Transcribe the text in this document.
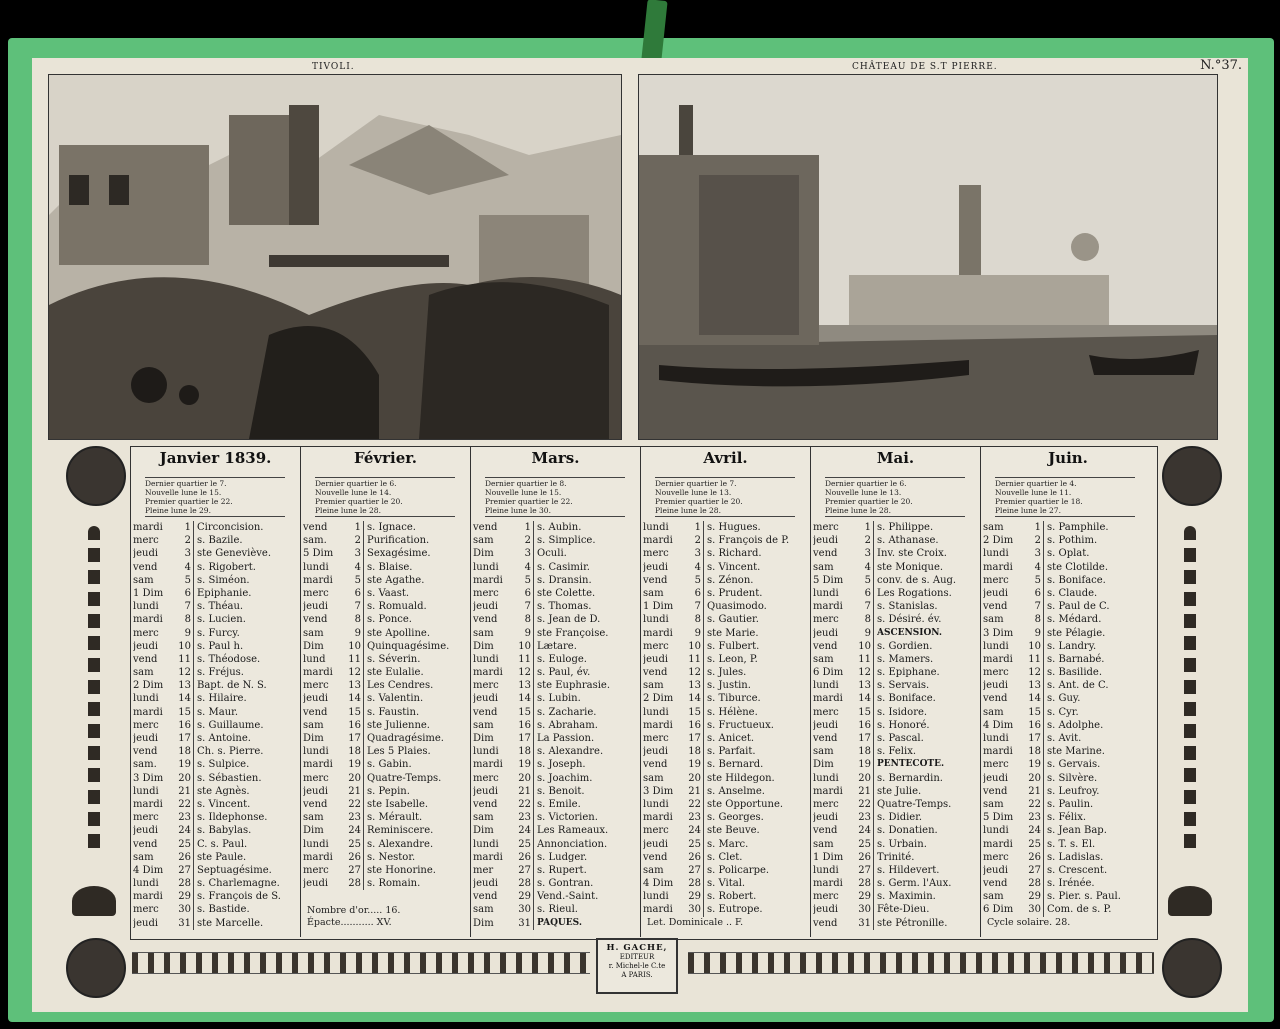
TIVOLI.	CHÂTEAU DE S.T PIERRE.	N.°37.
Janvier 1839.
Dernier quartier le 7.
Nouvelle lune le 15.
Premier quartier le 22.
Pleine lune le 29.
mardi	1 Circoncision.
merc	2 s. Bazile.
jeudi	3 ste Geneviève.
vend	4 s. Rigobert.
sam	5 s. Siméon.
1 Dim	6 Epiphanie.
lundi	7 s. Théau.
mardi	8 s. Lucien.
merc	9 s. Furcy.
jeudi	10 s. Paul h.
vend	11 s. Théodose.
sam	12 s. Fréjus.
2 Dim	13 Bapt. de N. S.
lundi	14 s. Hilaire.
mardi	15 s. Maur.
merc	16 s. Guillaume.
jeudi	17 s. Antoine.
vend	18 Ch. s. Pierre.
sam.	19 s. Sulpice.
3 Dim	20 s. Sébastien.
lundi	21 ste Agnès.
mardi	22 s. Vincent.
merc	23 s. Ildephonse.
jeudi	24 s. Babylas.
vend	25 C. s. Paul.
sam	26 ste Paule.
4 Dim	27 Septuagésime.
lundi	28 s. Charlemagne.
mardi	29 s. François de S.
merc	30 s. Bastide.
jeudi	31 ste Marcelle.
Février.
Dernier quartier le 6.
Nouvelle lune le 14.
Premier quartier le 20.
Pleine lune le 28.
vend	1 s. Ignace.
sam.	2 Purification.
5 Dim	3 Sexagésime.
lundi	4 s. Blaise.
mardi	5 ste Agathe.
merc	6 s. Vaast.
jeudi	7 s. Romuald.
vend	8 s. Ponce.
sam	9 ste Apolline.
Dim	10 Quinquagésime.
lund	11 s. Séverin.
mardi	12 ste Eulalie.
merc	13 Les Cendres.
jeudi	14 s. Valentin.
vend	15 s. Faustin.
sam	16 ste Julienne.
Dim	17 Quadragésime.
lundi	18 Les 5 Plaies.
mardi	19 s. Gabin.
merc	20 Quatre-Temps.
jeudi	21 s. Pepin.
vend	22 ste Isabelle.
sam	23 s. Mérault.
Dim	24 Reminiscere.
lundi	25 s. Alexandre.
mardi	26 s. Nestor.
merc	27 ste Honorine.
jeudi	28 s. Romain.
Nombre d'or..... 16.
Épacte........... XV.
Mars.
Dernier quartier le 8.
Nouvelle lune le 15.
Premier quartier le 22.
Pleine lune le 30.
vend	1 s. Aubin.
sam	2 s. Simplice.
Dim	3 Oculi.
lundi	4 s. Casimir.
mardi	5 s. Dransin.
merc	6 ste Colette.
jeudi	7 s. Thomas.
vend	8 s. Jean de D.
sam	9 ste Françoise.
Dim	10 Lætare.
lundi	11 s. Euloge.
mardi	12 s. Paul, év.
merc	13 ste Euphrasie.
jeudi	14 s. Lubin.
vend	15 s. Zacharie.
sam	16 s. Abraham.
Dim	17 La Passion.
lundi	18 s. Alexandre.
mardi	19 s. Joseph.
merc	20 s. Joachim.
jeudi	21 s. Benoit.
vend	22 s. Emile.
sam	23 s. Victorien.
Dim	24 Les Rameaux.
lundi	25 Annonciation.
mardi	26 s. Ludger.
mer	27 s. Rupert.
jeudi	28 s. Gontran.
vend	29 Vend.-Saint.
sam	30 s. Rieul.
Dim	31 PAQUES.
Avril.
Dernier quartier le 7.
Nouvelle lune le 13.
Premier quartier le 20.
Pleine lune le 28.
lundi	1 s. Hugues.
mardi	2 s. François de P.
merc	3 s. Richard.
jeudi	4 s. Vincent.
vend	5 s. Zénon.
sam	6 s. Prudent.
1 Dim	7 Quasimodo.
lundi	8 s. Gautier.
mardi	9 ste Marie.
merc	10 s. Fulbert.
jeudi	11 s. Leon, P.
vend	12 s. Jules.
sam	13 s. Justin.
2 Dim	14 s. Tiburce.
lundi	15 s. Hélène.
mardi	16 s. Fructueux.
merc	17 s. Anicet.
jeudi	18 s. Parfait.
vend	19 s. Bernard.
sam	20 ste Hildegon.
3 Dim	21 s. Anselme.
lundi	22 ste Opportune.
mardi	23 s. Georges.
merc	24 ste Beuve.
jeudi	25 s. Marc.
vend	26 s. Clet.
sam	27 s. Policarpe.
4 Dim	28 s. Vital.
lundi	29 s. Robert.
mardi	30 s. Eutrope.
Let. Dominicale .. F.
Mai.
Dernier quartier le 6.
Nouvelle lune le 13.
Premier quartier le 20.
Pleine lune le 28.
merc	1 s. Philippe.
jeudi	2 s. Athanase.
vend	3 Inv. ste Croix.
sam	4 ste Monique.
5 Dim	5 conv. de s. Aug.
lundi	6 Les Rogations.
mardi	7 s. Stanislas.
merc	8 s. Désiré. év.
jeudi	9 ASCENSION.
vend	10 s. Gordien.
sam	11 s. Mamers.
6 Dim	12 s. Epiphane.
lundi	13 s. Servais.
mardi	14 s. Boniface.
merc	15 s. Isidore.
jeudi	16 s. Honoré.
vend	17 s. Pascal.
sam	18 s. Felix.
Dim	19 PENTECOTE.
lundi	20 s. Bernardin.
mardi	21 ste Julie.
merc	22 Quatre-Temps.
jeudi	23 s. Didier.
vend	24 s. Donatien.
sam	25 s. Urbain.
1 Dim	26 Trinité.
lundi	27 s. Hildevert.
mardi	28 s. Germ. l'Aux.
merc	29 s. Maximin.
jeudi	30 Fête-Dieu.
vend	31 ste Pétronille.
Juin.
Dernier quartier le 4.
Nouvelle lune le 11.
Premier quartier le 18.
Pleine lune le 27.
sam	1 s. Pamphile.
2 Dim	2 s. Pothim.
lundi	3 s. Oplat.
mardi	4 ste Clotilde.
merc	5 s. Boniface.
jeudi	6 s. Claude.
vend	7 s. Paul de C.
sam	8 s. Médard.
3 Dim	9 ste Pélagie.
lundi	10 s. Landry.
mardi	11 s. Barnabé.
merc	12 s. Basilide.
jeudi	13 s. Ant. de C.
vend	14 s. Guy.
sam	15 s. Cyr.
4 Dim	16 s. Adolphe.
lundi	17 s. Avit.
mardi	18 ste Marine.
merc	19 s. Gervais.
jeudi	20 s. Silvère.
vend	21 s. Leufroy.
sam	22 s. Paulin.
5 Dim	23 s. Félix.
lundi	24 s. Jean Bap.
mardi	25 s. T. s. El.
merc	26 s. Ladislas.
jeudi	27 s. Crescent.
vend	28 s. Irénée.
sam	29 s. Pier. s. Paul.
6 Dim	30 Com. de s. P.
Cycle solaire. 28.
H. GACHE,
EDITEUR
r. Michel-le C.te
A PARIS.
